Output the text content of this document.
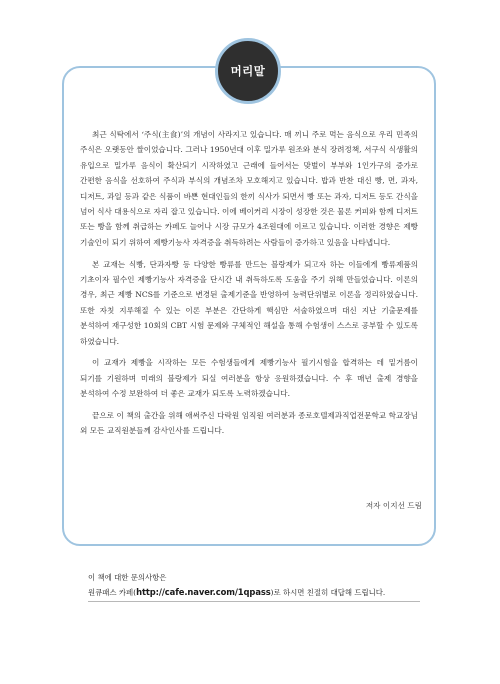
머리말

최근 식탁에서 ‘주식(主食)’의 개념이 사라지고 있습니다. 매 끼니 주로 먹는 음식으로 우리 민족의 주식은 오랫동안 쌀이었습니다. 그러나 1950년대 이후 밀가루 원조와 분식 장려정책, 서구식 식생활의 유입으로 밀가루 음식이 확산되기 시작하였고 근래에 들어서는 맞벌이 부부와 1인가구의 증가로 간편한 음식을 선호하여 주식과 부식의 개념조차 모호해지고 있습니다. 밥과 반찬 대신 빵, 면, 과자, 디저트, 과일 등과 같은 식품이 바쁜 현대인들의 한끼 식사가 되면서 빵 또는 과자, 디저트 등도 간식을 넘어 식사 대용식으로 자리 잡고 있습니다. 이에 베이커리 시장이 성장한 것은 물론 커피와 함께 디저트 또는 빵을 함께 취급하는 카페도 늘어나 시장 규모가 4조원대에 이르고 있습니다. 이러한 경향은 제빵 기술인이 되기 위하여 제빵기능사 자격증을 취득하려는 사람들이 증가하고 있음을 나타냅니다.

본 교재는 식빵, 단과자빵 등 다양한 빵류를 만드는 블랑제가 되고자 하는 이들에게 빵류제품의 기초이자 필수인 제빵기능사 자격증을 단시간 내 취득하도록 도움을 주기 위해 만들었습니다. 이론의 경우, 최근 제빵 NCS를 기준으로 변경된 출제기준을 반영하여 능력단위별로 이론을 정리하였습니다. 또한 자칫 지루해질 수 있는 이론 부분은 간단하게 핵심만 서술하였으며 대신 지난 기출문제를 분석하여 재구성한 10회의 CBT 시험 문제와 구체적인 해설을 통해 수험생이 스스로 공부할 수 있도록 하였습니다.

이 교재가 제빵을 시작하는 모든 수험생들에게 제빵기능사 필기시험을 합격하는 데 밑거름이 되기를 기원하며 미래의 블랑제가 되실 여러분을 항상 응원하겠습니다. 수 후 매년 출제 경향을 분석하여 수정 보완하여 더 좋은 교재가 되도록 노력하겠습니다.

끝으로 이 책의 출간을 위해 애써주신 다락원 임직원 여러분과 종로호텔제과직업전문학교 학교장님 외 모든 교직원분들께 감사인사를 드립니다.

저자 이지선 드림
이 책에 대한 문의사항은
원큐패스 카페(http://cafe.naver.com/1qpass)로 하시면 친절히 대답해 드립니다.
